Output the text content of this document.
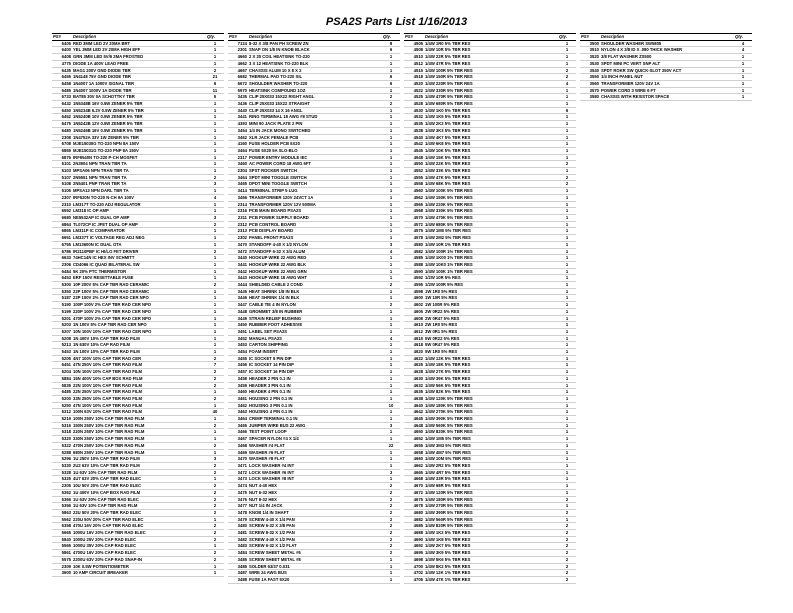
PSA2S Parts List 1/16/2013
PS#	Description	Qty.
6405	RED 3MM LED 2V 20MA BRT	1
6400	YEL 3MM LED 2V 20MA HIGH EFF	1
6408	GRN 3MM LED 5V/6 2MA FROSTED	1
4775	DIODE 1A 400V LEAD FREE	1
6435	MAG1 200V GND DIODE TBR	2
6455	1N4148 75V GND DIODE TBR	21
6458	1N4007 1A 1000V SIGNAL TBR	6
6485	1N4007 1000V 1A DIODE TBR	11
6733	BAT85 30V 0A SCHOTTKY TBR	5
6432	1N5348B 16V 0.5W ZENER 5% TBR	1
6450	1N5234B 6.2V 0.5W ZENER 5% TBR	1
6452	1N5240B 10V 0.5W ZENER 5% TBR	1
6475	1N5242B 12V 0.5W ZENER 5% TBR	1
6480	1N5246B 16V 0.5W ZENER 5% TBR	1
2308	1N4752A 33V 1W ZENER 5% TBR	1
6708	MJE15030G TO-220 NPN 8A 150V	1
6865	MJE15031G TO-220 PNP 8A 150V	1
6876	IRF9540N TO-220 P-CH MOSFET	1
5101	2N3904 NPN TRAN TBR TA	1
5103	MPSA06 NPN TRAN TBR TA	1
5107	2N5551 NPN TRAN TBR TA	2
5108	2N5401 PNP TRAN TBR TA	3
5105	MPSA13 NPN DARL TBR TA	1
2307	IRF520N TO-220 N-CH 9A 100V	4
2310	LM317T TO-220 ADJ REGULATOR	1
6592	LM318 IC OP AMP	1
6680	NE5532AP IC DUAL OP AMP	3
6864	TL072CP IC JFET DUAL OP AMP	2
6865	LM311P IC COMPARATOR	1
6651	LM337T IC VOLTAGE REG ADJ NEG	1
6755	LM13600N IC DUAL OTA	1
6786	IR2110PBF IC HI/LO FET DRIVER	2
6633	74HC14N IC HEX INV SCHMITT	1
2306	CD4066 IC QUAD BILATERAL SW	1
6484	5K 20% PTC THERMISTOR	1
6453	ERF 150V RESETTABLE FUSE	1
5300	10P 200V 5% CAP TBR RAD CERAMIC	2
5350	22P 100V 5% CAP TBR RAD CERAMIC	1
5187	22P 100V 2% CAP TBR RAD CER NPO	1
5190	100P 100V 2% CAP TBR RAD CER NPO	1
5199	220P 100V 2% CAP TBR RAD CER NPO	1
5201	470P 100V 2% CAP TBR RAD CER NPO	1
5203	1N 100V 5% CAP TBR RAD CER NPO	1
5207	10N 100V 10% CAP TBR RAD CER NPO	1
5208	1N 400V 10% CAP TBR RAD FILM	1
5213	1N 630V 10% CAP RAD FILM	1
5453	1N 100V 10% CAP TBR RAD FILM	1
5205	4N7 100V 10% CAP TBR RAD CER	2
6451	47N 250V 10% CAP TBR RAD FILM	7
5204	10N 100V 10% CAP TBR RAD FILM	2
5884	15N 400V 10% CAP BOX RAD FILM	2
5835	22N 100V 10% CAP TBR RAD FILM	2
6485	22N 250V 10% CAP TBR RAD FILM	1
5200	33N 250V 10% CAP TBR RAD FILM	2
5250	47N 100V 10% CAP TBR RAD FILM	1
5312	100N 63V 10% CAP TBR RAD FILM	40
5219	100N 250V 10% CAP TBR RAD FILM	1
5316	150N 250V 10% CAP TBR RAD FILM	2
5318	220N 250V 10% CAP TBR RAD FILM	1
5320	330N 250V 10% CAP TBR RAD FILM	1
5322	470N 250V 10% CAP TBR RAD FILM	2
5288	680N 250V 10% CAP TBR RAD FILM	1
5296	1U 250V 10% CAP TBR RAD FILM	3
5330	2U2 63V 10% CAP TBR RAD FILM	2
5328	1U 63V 10% CAP TBR RAD FILM	2
5325	4U7 63V 20% CAP TBR RAD ELEC	1
2305	10U 50V 20% CAP TBR RAD ELEC	2
5362	1U 400V 10% CAP BOX RAD FILM	2
5366	1U 63V 20% CAP TBR RAD ELEC	2
5356	1U 63V 10% CAP TBR RAD FILM	2
5863	22U 50V 20% CAP TBR RAD ELEC	2
5562	220U 50V 20% CAP TBR RAD ELEC	1
5358	470U 16V 20% CAP TBR RAD ELEC	2
5665	1000U 16V 20% CAP TBR RAD ELEC	2
5840	1000U 25V 20% CAP RAD ELEC	2
5565	1000U 35V 20% CAP RAD ELEC	1
5861	4700U 16V 20% CAP RAD ELEC	2
5575	2200U 63V 20% CAP RAD SNAP-IN	2
2309	10K 0.5W POTENTIOMETER	1
3600	10 AMP CIRCUIT BREAKER	1
PS#	Description	Qty.
7124	8-32 X 3/8 PAN PH SCREW ZN	8
2301	SNAP ON 1/8 IN KNOB BLACK	6
4660	2 X 20 COIL HEATSINK TO-220	1
4662	3 X 12 HEATSINK TO-220 BLK	1
4667	CHASSIS ALUM 10 X 8 X 2	1
6682	THERMAL PAD TO-220 SIL	6
6672	SHOULDER WASHER TO-220	6
5970	HEATSINK COMPOUND 1OZ	1
3435	CLIP 25X033 15X22 RIGHT ANGL	2
3436	CLIP 25X033 15X22 STRAIGHT	2
3440	CLIP 25X033 14 X 16 ANGL	1
3441	RING TERMINAL 18 AWG #8 STUD	1
4393	MINI 90 JACK PLATE 2 PIN	1
3454	1/4 IN JACK MONO SWITCHED	1
3462	XLR JACK FEMALE PCB	1
4160	FUSE HOLDER PCB 5X20	1
3464	FUSE 5X20 5A SLO-BLO	1
2317	POWER ENTRY MODULE IEC	1
3460	AC POWER CORD 18 AWG 6FT	1
2304	SPST ROCKER SWITCH	1
3464	SPDT MINI TOGGLE SWITCH	1
3465	DPDT MINI TOGGLE SWITCH	1
3414	TERMINAL STRIP 5 LUG	1
3466	TRANSFORMER 120V 24VCT 1A	1
2314	TRANSFORMER 120V 12V 500MA	1
2316	PCB MAIN BOARD PSA2S	1
2311	PCB POWER SUPPLY BOARD	1
2312	PCB CONTROL BOARD	1
2313	PCB DISPLAY BOARD	1
2302	PANEL FRONT PSA2S	1
3470	STANDOFF 4-40 X 1/2 NYLON	3
3472	STANDOFF 6-32 X 3/4 ALUM	4
3440	HOOKUP WIRE 22 AWG RED	1
3441	HOOKUP WIRE 22 AWG BLK	1
3442	HOOKUP WIRE 22 AWG GRN	1
3443	HOOKUP WIRE 18 AWG WHT	1
3444	SHIELDED CABLE 2 COND	2
3445	HEAT SHRINK 1/8 IN BLK	1
3446	HEAT SHRINK 1/4 IN BLK	1
3447	CABLE TIE 4 IN NYLON	2
3448	GROMMET 3/8 IN RUBBER	1
3449	STRAIN RELIEF BUSHING	1
3450	RUBBER FOOT ADHESIVE	1
3451	LABEL SET PSA2S	1
3452	MANUAL PSA2S	4
3453	CARTON SHIPPING	1
3454	FOAM INSERT	1
3455	IC SOCKET 8 PIN DIP	1
3456	IC SOCKET 14 PIN DIP	1
3457	IC SOCKET 16 PIN DIP	1
3458	HEADER 2 PIN 0.1 IN	1
3459	HEADER 3 PIN 0.1 IN	1
3460	HEADER 4 PIN 0.1 IN	1
3461	HOUSING 2 PIN 0.1 IN	1
3462	HOUSING 3 PIN 0.1 IN	10
3463	HOUSING 4 PIN 0.1 IN	1
3464	CRIMP TERMINAL 0.1 IN	1
3465	JUMPER WIRE BUS 22 AWG	3
3466	TEST POINT LOOP	1
3467	SPACER NYLON #4 X 1/4	1
3468	WASHER #4 FLAT	22
3469	WASHER #6 FLAT	1
3470	WASHER #8 FLAT	1
3471	LOCK WASHER #4 INT	1
3472	LOCK WASHER #6 INT	3
3473	LOCK WASHER #8 INT	1
3474	NUT 4-40 HEX	2
3475	NUT 6-32 HEX	2
3476	NUT 8-32 HEX	2
3477	NUT 1/4 IN JACK	2
3478	KNOB 1/4 IN SHAFT	2
3479	SCREW 4-40 X 1/4 PAN	2
3480	SCREW 6-32 X 3/8 PAN	2
3481	SCREW 8-32 X 1/2 PAN	2
3482	SCREW 4-40 X 1/2 PAN	2
3483	SCREW 6-32 X 1/2 FLAT	2
3484	SCREW SHEET METAL #6	2
3485	SCREW SHEET METAL #8	1
3486	SOLDER 63/37 0.031	1
3487	WIRE 24 AWG BUS	1
3488	FUSE 1A FAST 5X20	1
PS#	Description	Qty.
4505	1/4W 1R0 5% TBR RES	1
4508	1/4W 10R 5% TBR RES	1
4510	1/4W 22R 5% TBR RES	1
4512	1/4W 47R 5% TBR RES	1
4515	1/4W 100R 5% TBR RES	2
4518	1/4W 150R 5% TBR RES	2
4520	1/4W 220R 5% TBR RES	4
4522	1/4W 330R 5% TBR RES	1
4525	1/4W 470R 5% TBR RES	1
4528	1/4W 680R 5% TBR RES	1
4530	1/4W 1K0 5% TBR RES	6
4532	1/4W 1K5 5% TBR RES	1
4535	1/4W 2K2 5% TBR RES	1
4538	1/4W 3K3 5% TBR RES	1
4540	1/4W 4K7 5% TBR RES	1
4542	1/4W 6K8 5% TBR RES	1
4545	1/4W 10K 5% TBR RES	1
4548	1/4W 15K 5% TBR RES	1
4550	1/4W 22K 5% TBR RES	2
4552	1/4W 33K 5% TBR RES	1
4555	1/4W 47K 5% TBR RES	2
4558	1/4W 68K 5% TBR RES	2
4560	1/4W 100K 5% TBR RES	1
4562	1/4W 150K 5% TBR RES	1
4565	1/4W 220K 5% TBR RES	1
4568	1/4W 330K 5% TBR RES	1
4570	1/4W 470K 5% TBR RES	1
4572	1/4W 680K 5% TBR RES	1
4575	1/4W 1M0 5% TBR RES	1
4578	1/4W 2M2 5% TBR RES	1
4580	1/4W 10R 1% TBR RES	1
4582	1/4W 100R 1% TBR RES	1
4585	1/4W 1K00 1% TBR RES	1
4588	1/4W 10K0 1% TBR RES	1
4590	1/4W 100K 1% TBR RES	1
4592	1/2W 10R 5% RES	1
4595	1/2W 100R 5% RES	1
4598	1W 1R0 5% RES	1
4600	1W 10R 5% RES	1
4602	1W 100R 5% RES	1
4605	2W 0R22 5% RES	1
4608	2W 0R47 5% RES	1
4610	2W 1R0 5% RES	1
4612	3W 0R1 5% RES	1
4615	5W 0R22 5% RES	1
4618	5W 0R47 5% RES	1
4620	5W 1R0 5% RES	1
4622	1/4W 12K 5% TBR RES	1
4625	1/4W 18K 5% TBR RES	1
4628	1/4W 27K 5% TBR RES	1
4630	1/4W 39K 5% TBR RES	1
4632	1/4W 56K 5% TBR RES	1
4635	1/4W 82K 5% TBR RES	1
4638	1/4W 120K 5% TBR RES	1
4640	1/4W 180K 5% TBR RES	1
4642	1/4W 270K 5% TBR RES	1
4645	1/4W 390K 5% TBR RES	1
4648	1/4W 560K 5% TBR RES	1
4650	1/4W 820K 5% TBR RES	1
4652	1/4W 1M5 5% TBR RES	1
4655	1/4W 3M3 5% TBR RES	1
4658	1/4W 4M7 5% TBR RES	1
4660	1/4W 10M 5% TBR RES	1
4662	1/4W 2R2 5% TBR RES	1
4665	1/4W 4R7 5% TBR RES	1
4668	1/4W 33R 5% TBR RES	1
4670	1/4W 68R 5% TBR RES	1
4672	1/4W 120R 5% TBR RES	1
4675	1/4W 180R 5% TBR RES	2
4678	1/4W 270R 5% TBR RES	1
4680	1/4W 390R 5% TBR RES	2
4682	1/4W 560R 5% TBR RES	1
4685	1/4W 820R 5% TBR RES	2
4688	1/4W 1K2 5% TBR RES	2
4690	1/4W 1K8 5% TBR RES	2
4692	1/4W 2K7 5% TBR RES	2
4695	1/4W 3K9 5% TBR RES	2
4698	1/4W 5K6 5% TBR RES	2
4700	1/4W 8K2 5% TBR RES	2
4702	1/4W 12K 1% TBR RES	2
4705	1/4W 47K 1% TBR RES	2
PS#	Description	Qty.
3500	SHOULDER WASHER SW5805	4
3510	NYLON 4 X 3/8 ID X .080 THICK WASHER	4
3520	3/8 FLAT WASHER ZS500	1
3530	SPDT MINI PC VERT SNP ALT	1
3540	SPDT ROKR SW QUICK-SLOT 250V ACT	1
3550	1/4 INCH PANEL NUT	1
3560	TRANSFORMER 120V 24V 1A	1
3570	POWER CORD 3 WIRE 6 FT	1
3580	CHASSIS WITH RESISTOR SPACE	1
